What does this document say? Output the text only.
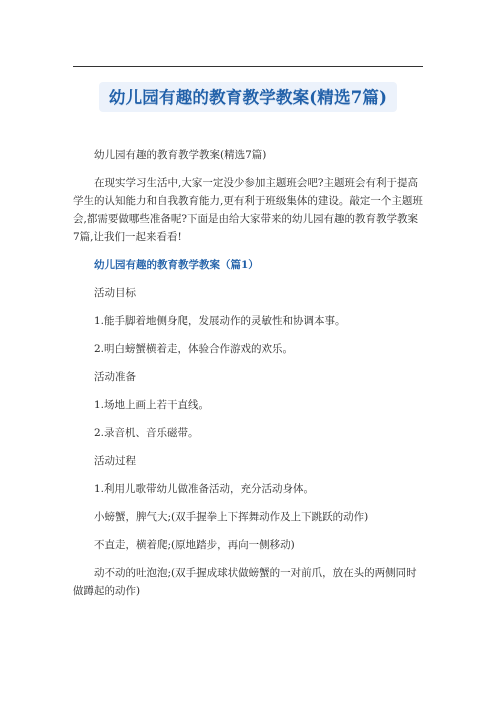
幼儿园有趣的教育教学教案(精选7篇)

幼儿园有趣的教育教学教案(精选7篇)

在现实学习生活中,大家一定没少参加主题班会吧?主题班会有利于提高学生的认知能力和自我教育能力,更有利于班级集体的建设。敲定一个主题班会,都需要做哪些准备呢?下面是由给大家带来的幼儿园有趣的教育教学教案7篇,让我们一起来看看!

幼儿园有趣的教育教学教案（篇1）

活动目标

1.能手脚着地侧身爬，发展动作的灵敏性和协调本事。

2.明白螃蟹横着走，体验合作游戏的欢乐。

活动准备

1.场地上画上若干直线。

2.录音机、音乐磁带。

活动过程

1.利用儿歌带幼儿做准备活动，充分活动身体。

小螃蟹，脾气大;(双手握拳上下挥舞动作及上下跳跃的动作)

不直走，横着爬;(原地踏步，再向一侧移动)

动不动的吐泡泡;(双手握成球状做螃蟹的一对前爪，放在头的两侧同时做蹲起的动作)
